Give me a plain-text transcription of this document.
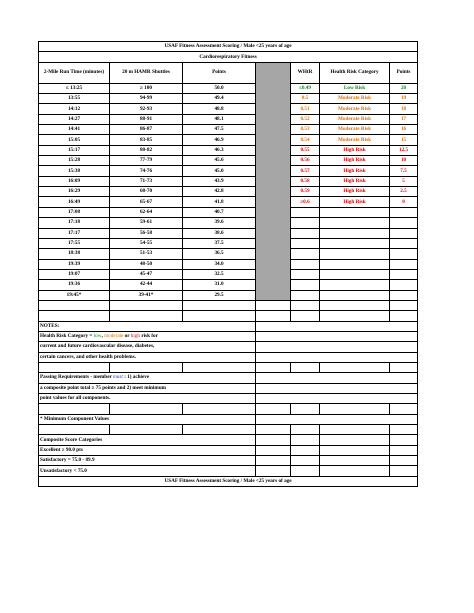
USAF Fitness Assessment Scoring / Male <25 years of age						
Cardiorespiratory Fitness						
2-Mile Run Time (minutes)	20 m HAMR Shuttles	Points		WHtR	Health Risk Category	Points
≤ 13:25	≥ 100	50.0		≤0.49	Low Risk	20
13:55	94-99	49.4		0.5	Moderate Risk	19
14:12	92-93	48.8		0.51	Moderate Risk	18
14:27	88-91	48.1		0.52	Moderate Risk	17
14:41	86-87	47.5		0.53	Moderate Risk	16
15:05	83-85	46.9		0.54	Moderate Risk	15
15:17	80-82	46.3		0.55	High Risk	12.5
15:28	77-79	45.6		0.56	High Risk	10
15:38	74-76	45.0		0.57	High Risk	7.5
16:09	71-73	43.9		0.58	High Risk	5
16:29	68-70	42.8		0.59	High Risk	2.5
16:49	65-67	41.8		≥0.6	High Risk	0
17:08	62-64	40.7				
17:18	59-61	39.6				
17:17	56-58	38.6				
17:55	54-55	37.5				
18:38	51-53	36.5				
19:39	48-50	34.0				
19:07	45-47	32.5				
19:36	42-44	31.0				
19:45*	39-41*	29.5				

NOTES:						
Health Risk Category = low, moderate or high risk for						
current and future cardiovascular disease, diabetes,						
certain cancers, and other health problems.						

Passing Requirements - member must : 1) achieve						
a composite point total ≥ 75 points and 2) meet minimum						
point values for all components.						

* Minimum Component Values						

Composite Score Categories						
Excellent ≥ 90.0 pts						
Satisfactory = 75.0 - 89.9						
Unsatisfactory < 75.0						
USAF Fitness Assessment Scoring / Male <25 years of age						
